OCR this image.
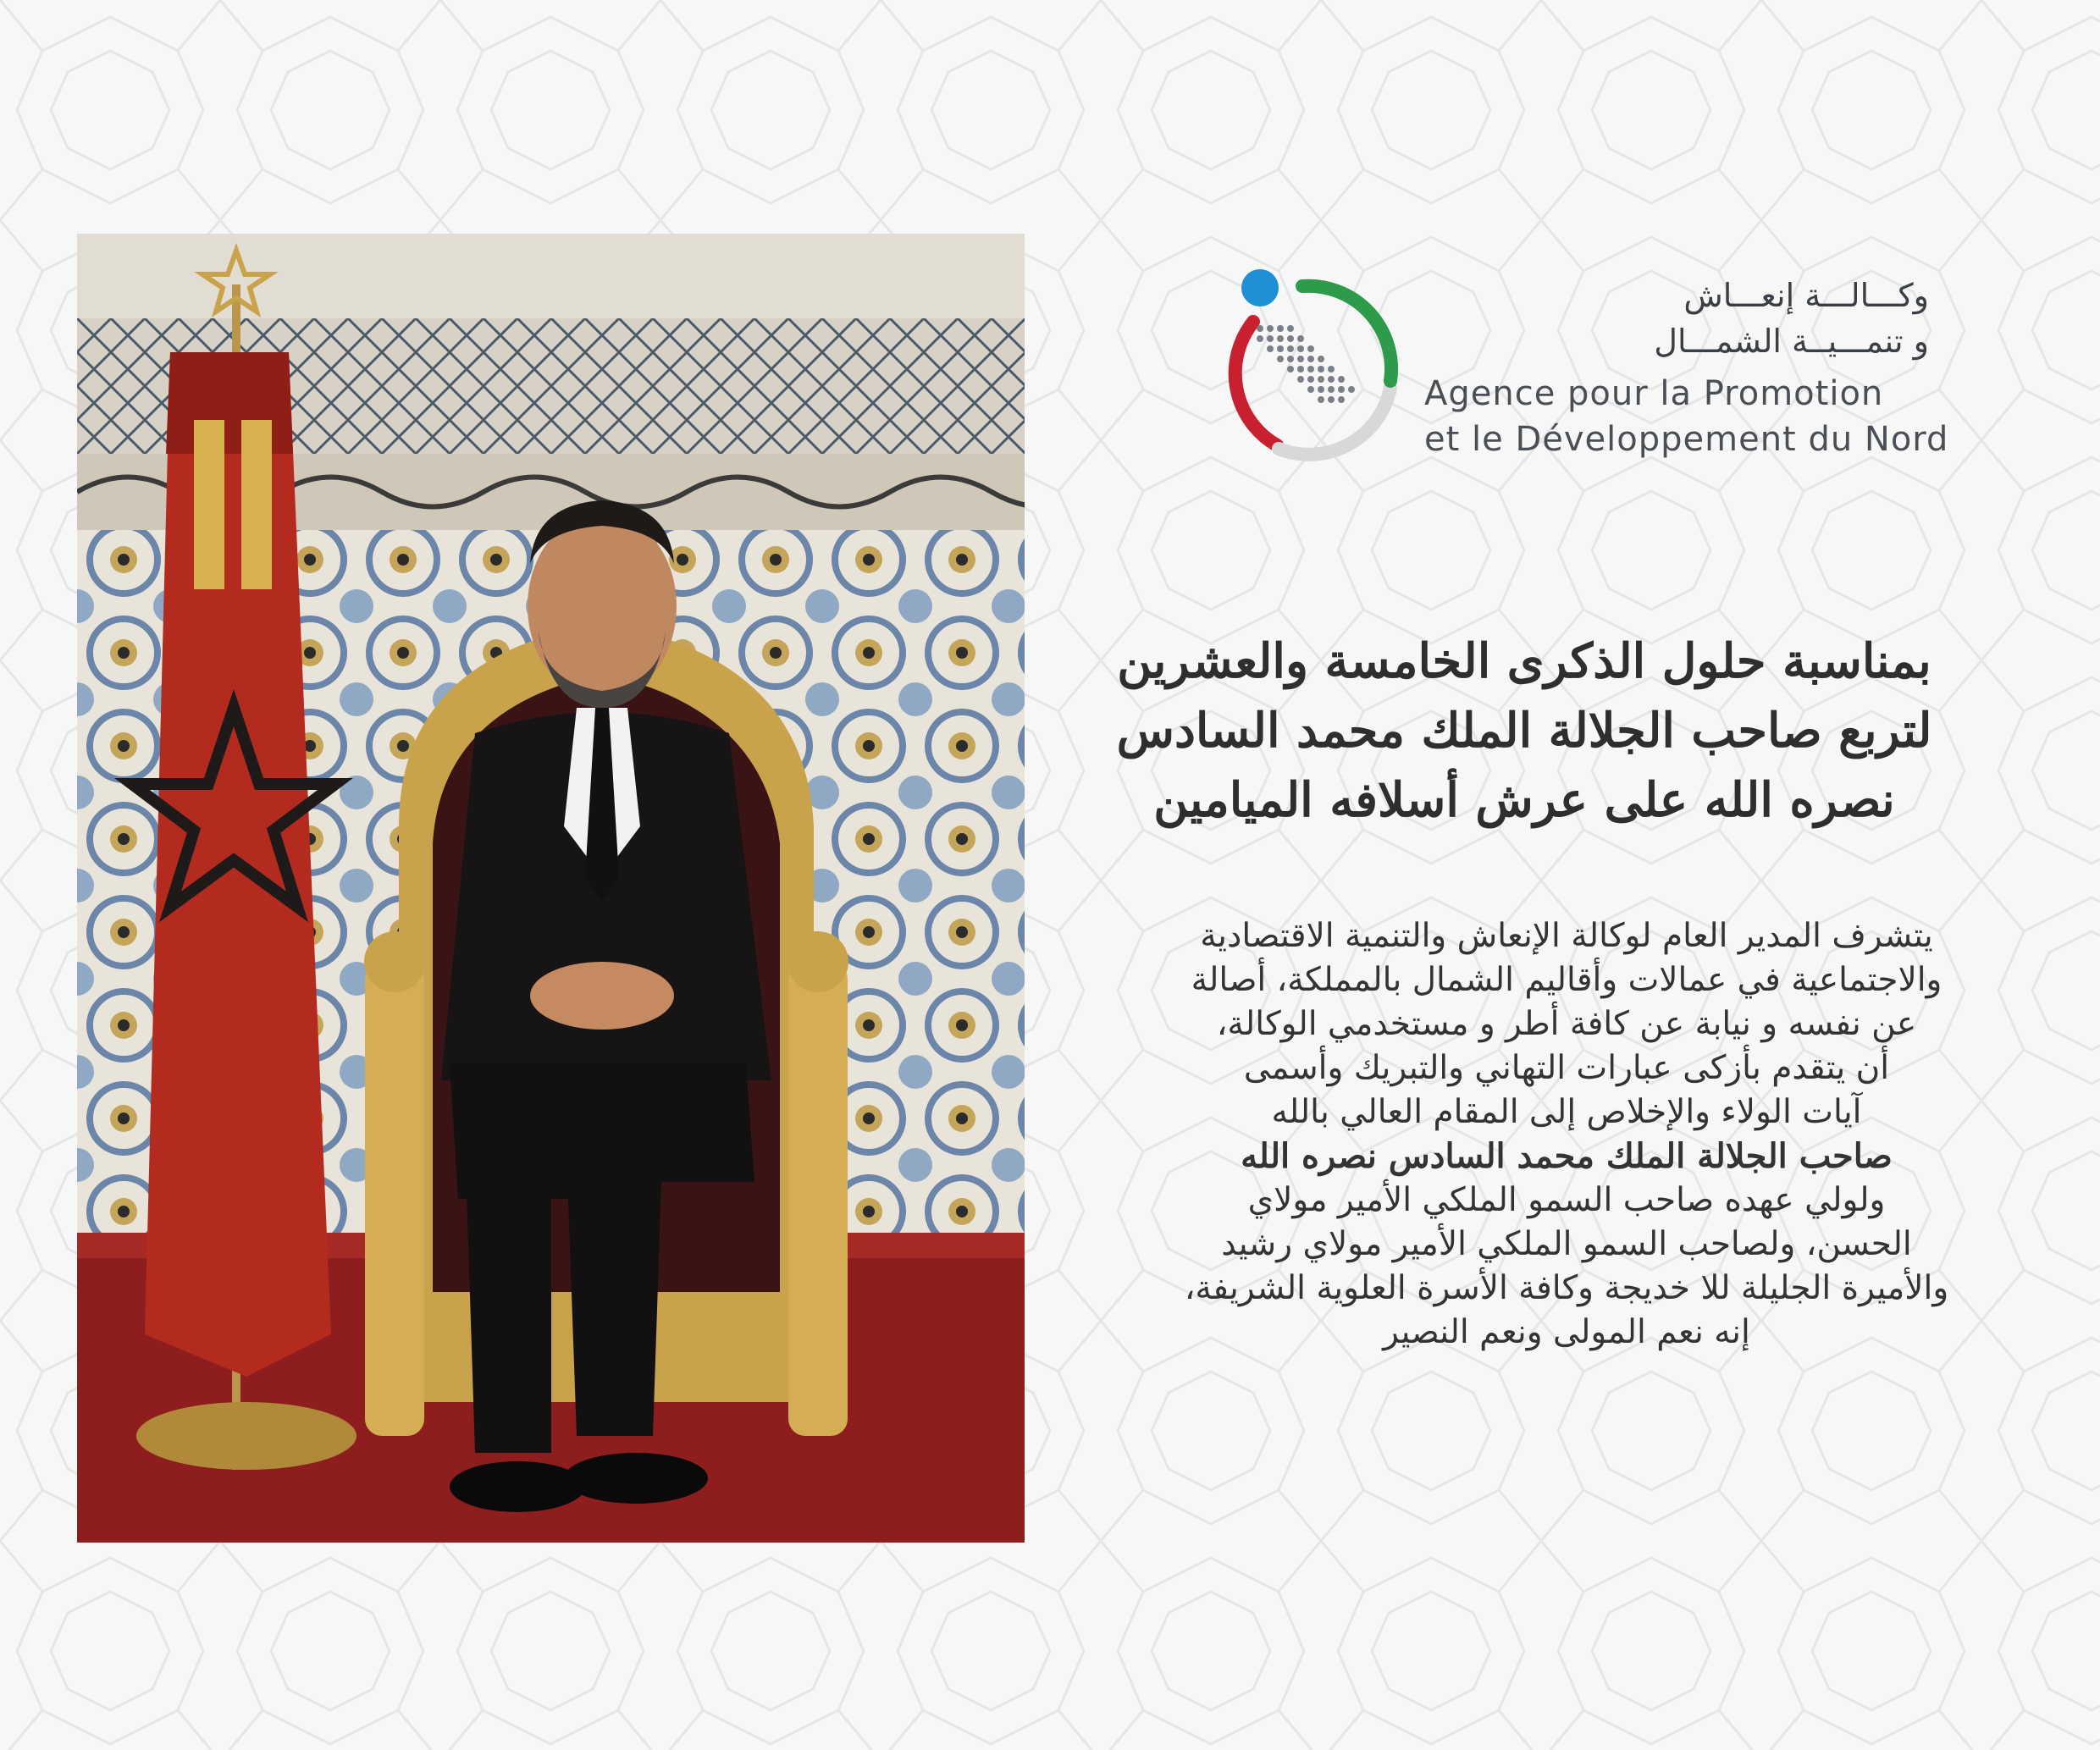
وكـــالـــة إنعـــاش
و تنمـــيــة الشمـــال
Agence pour la Promotion
et le Développement du Nord
بمناسبة حلول الذكرى الخامسة والعشرين
لتربع صاحب الجلالة الملك محمد السادس
نصره الله على عرش أسلافه الميامين
يتشرف المدير العام لوكالة الإنعاش والتنمية الاقتصادية
والاجتماعية في عمالات وأقاليم الشمال بالمملكة، أصالة
عن نفسه و نيابة عن كافة أطر و مستخدمي الوكالة،
أن يتقدم بأزكى عبارات التهاني والتبريك وأسمى
آيات الولاء والإخلاص إلى المقام العالي بالله
صاحب الجلالة الملك محمد السادس نصره الله
ولولي عهده صاحب السمو الملكي الأمير مولاي
الحسن، ولصاحب السمو الملكي الأمير مولاي رشيد
والأميرة الجليلة للا خديجة وكافة الأسرة العلوية الشريفة،
إنه نعم المولى ونعم النصير
